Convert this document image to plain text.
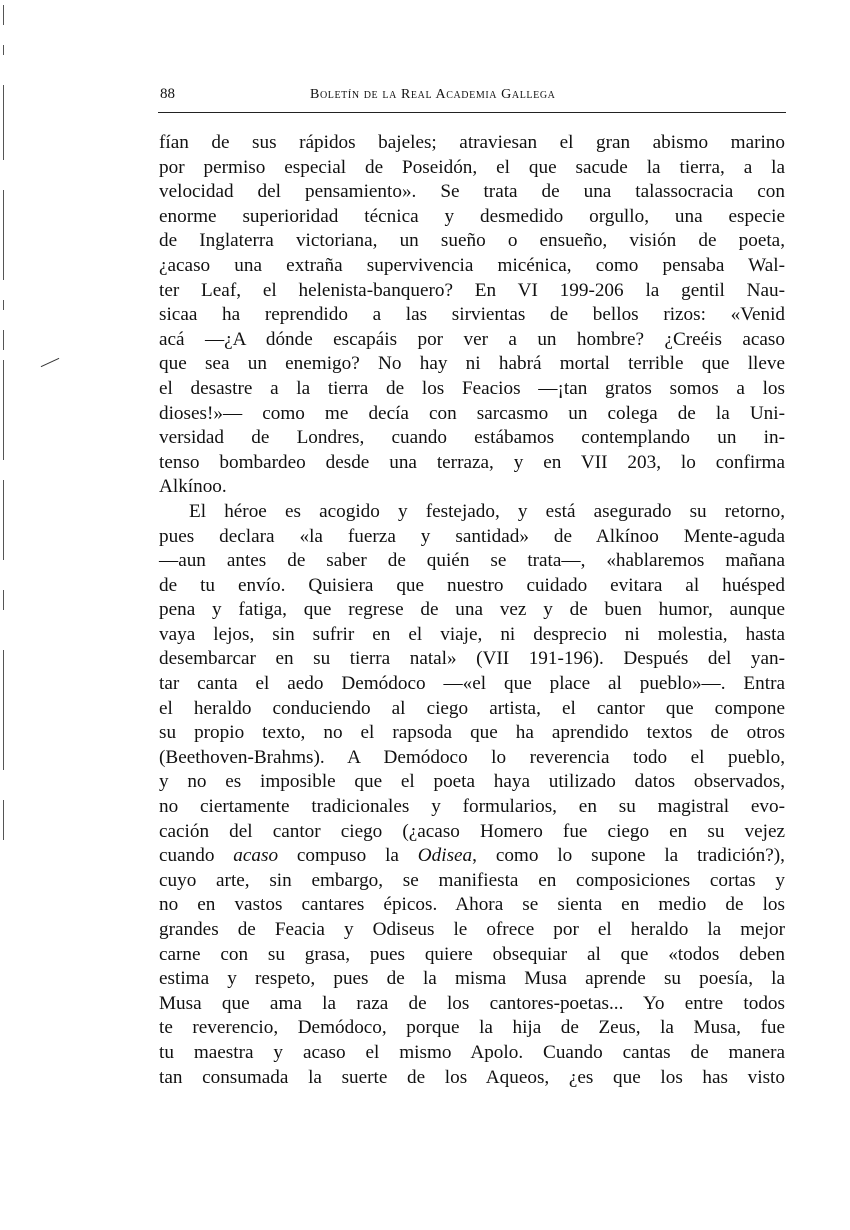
88	Boletín de la Real Academia Gallega
fían de sus rápidos bajeles; atraviesan el gran abismo marino
por permiso especial de Poseidón, el que sacude la tierra, a la
velocidad del pensamiento». Se trata de una talassocracia con
enorme superioridad técnica y desmedido orgullo, una especie
de Inglaterra victoriana, un sueño o ensueño, visión de poeta,
¿acaso una extraña supervivencia micénica, como pensaba Wal-
ter Leaf, el helenista-banquero? En VI 199-206 la gentil Nau-
sicaa ha reprendido a las sirvientas de bellos rizos: «Venid
acá —¿A dónde escapáis por ver a un hombre? ¿Creéis acaso
que sea un enemigo? No hay ni habrá mortal terrible que lleve
el desastre a la tierra de los Feacios —¡tan gratos somos a los
dioses!»— como me decía con sarcasmo un colega de la Uni-
versidad de Londres, cuando estábamos contemplando un in-
tenso bombardeo desde una terraza, y en VII 203, lo confirma
Alkínoo.
El héroe es acogido y festejado, y está asegurado su retorno,
pues declara «la fuerza y santidad» de Alkínoo Mente-aguda
—aun antes de saber de quién se trata—, «hablaremos mañana
de tu envío. Quisiera que nuestro cuidado evitara al huésped
pena y fatiga, que regrese de una vez y de buen humor, aunque
vaya lejos, sin sufrir en el viaje, ni desprecio ni molestia, hasta
desembarcar en su tierra natal» (VII 191-196). Después del yan-
tar canta el aedo Demódoco —«el que place al pueblo»—. Entra
el heraldo conduciendo al ciego artista, el cantor que compone
su propio texto, no el rapsoda que ha aprendido textos de otros
(Beethoven-Brahms). A Demódoco lo reverencia todo el pueblo,
y no es imposible que el poeta haya utilizado datos observados,
no ciertamente tradicionales y formularios, en su magistral evo-
cación del cantor ciego (¿acaso Homero fue ciego en su vejez
cuando acaso compuso la Odisea, como lo supone la tradición?),
cuyo arte, sin embargo, se manifiesta en composiciones cortas y
no en vastos cantares épicos. Ahora se sienta en medio de los
grandes de Feacia y Odiseus le ofrece por el heraldo la mejor
carne con su grasa, pues quiere obsequiar al que «todos deben
estima y respeto, pues de la misma Musa aprende su poesía, la
Musa que ama la raza de los cantores-poetas... Yo entre todos
te reverencio, Demódoco, porque la hija de Zeus, la Musa, fue
tu maestra y acaso el mismo Apolo. Cuando cantas de manera
tan consumada la suerte de los Aqueos, ¿es que los has visto
